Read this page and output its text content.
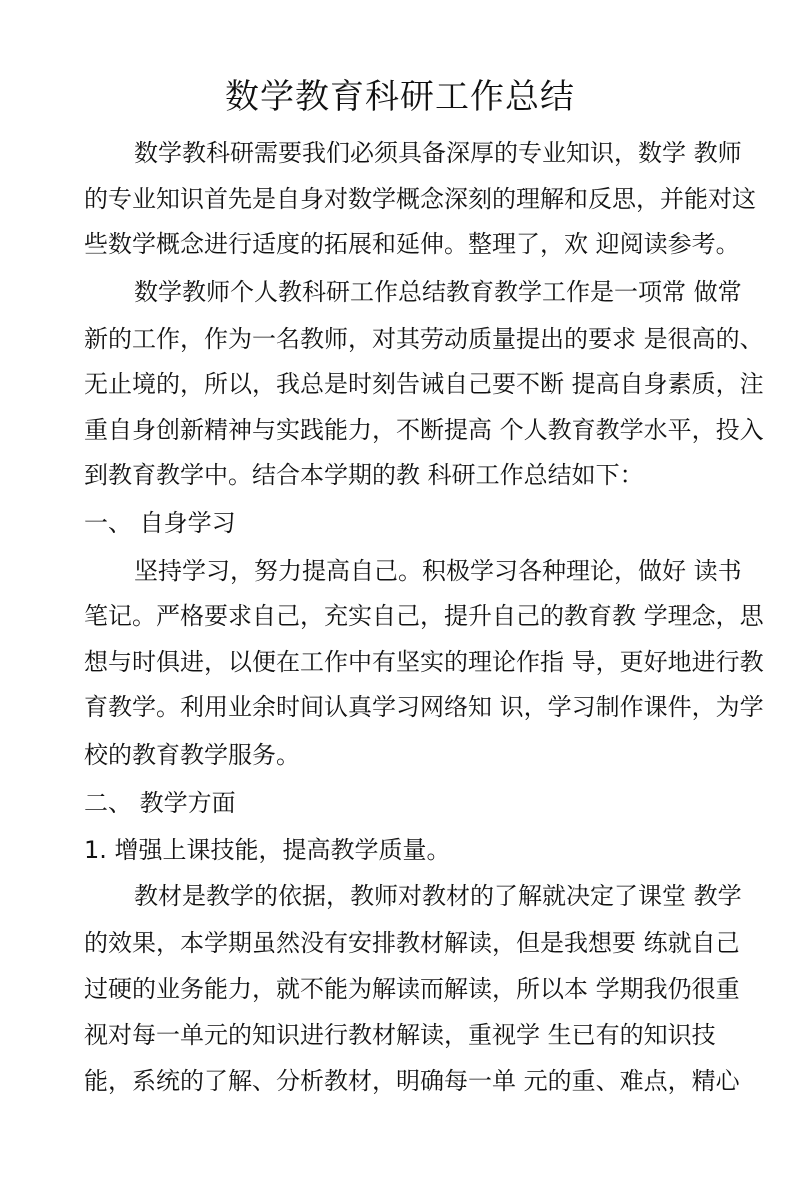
数学教育科研工作总结

数学教科研需要我们必须具备深厚的专业知识，数学 教师

的专业知识首先是自身对数学概念深刻的理解和反思，并能对这

些数学概念进行适度的拓展和延伸。整理了，欢 迎阅读参考。

数学教师个人教科研工作总结教育教学工作是一项常 做常

新的工作，作为一名教师，对其劳动质量提出的要求 是很高的、

无止境的，所以，我总是时刻告诫自己要不断 提高自身素质，注

重自身创新精神与实践能力，不断提高 个人教育教学水平，投入

到教育教学中。结合本学期的教 科研工作总结如下：

一、 自身学习

坚持学习，努力提高自己。积极学习各种理论，做好 读书

笔记。严格要求自己，充实自己，提升自己的教育教 学理念，思

想与时俱进，以便在工作中有坚实的理论作指 导，更好地进行教

育教学。利用业余时间认真学习网络知 识，学习制作课件，为学

校的教育教学服务。

二、 教学方面

1. 增强上课技能，提高教学质量。

教材是教学的依据，教师对教材的了解就决定了课堂 教学

的效果，本学期虽然没有安排教材解读，但是我想要 练就自己

过硬的业务能力，就不能为解读而解读，所以本 学期我仍很重

视对每一单元的知识进行教材解读，重视学 生已有的知识技

能，系统的了解、分析教材，明确每一单 元的重、难点，精心
